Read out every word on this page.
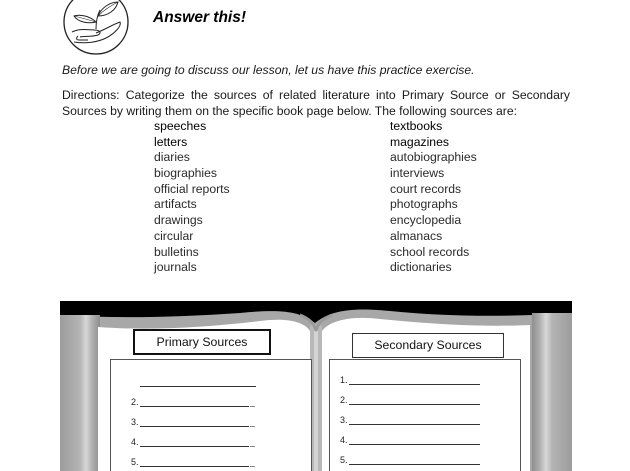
Answer this!
Before we are going to discuss our lesson, let us have this practice exercise.
Directions: Categorize the sources of related literature into Primary Source or Secondary Sources by writing them on the specific book page below. The following sources are:
speeches
letters
diaries
biographies
official reports
artifacts
drawings
circular
bulletins
journals
textbooks
magazines
autobiographies
interviews
court records
photographs
encyclopedia
almanacs
school records
dictionaries
Primary Sources	Secondary Sources
2.
3.
4.
5.
1.
2.
3.
4.
5.
